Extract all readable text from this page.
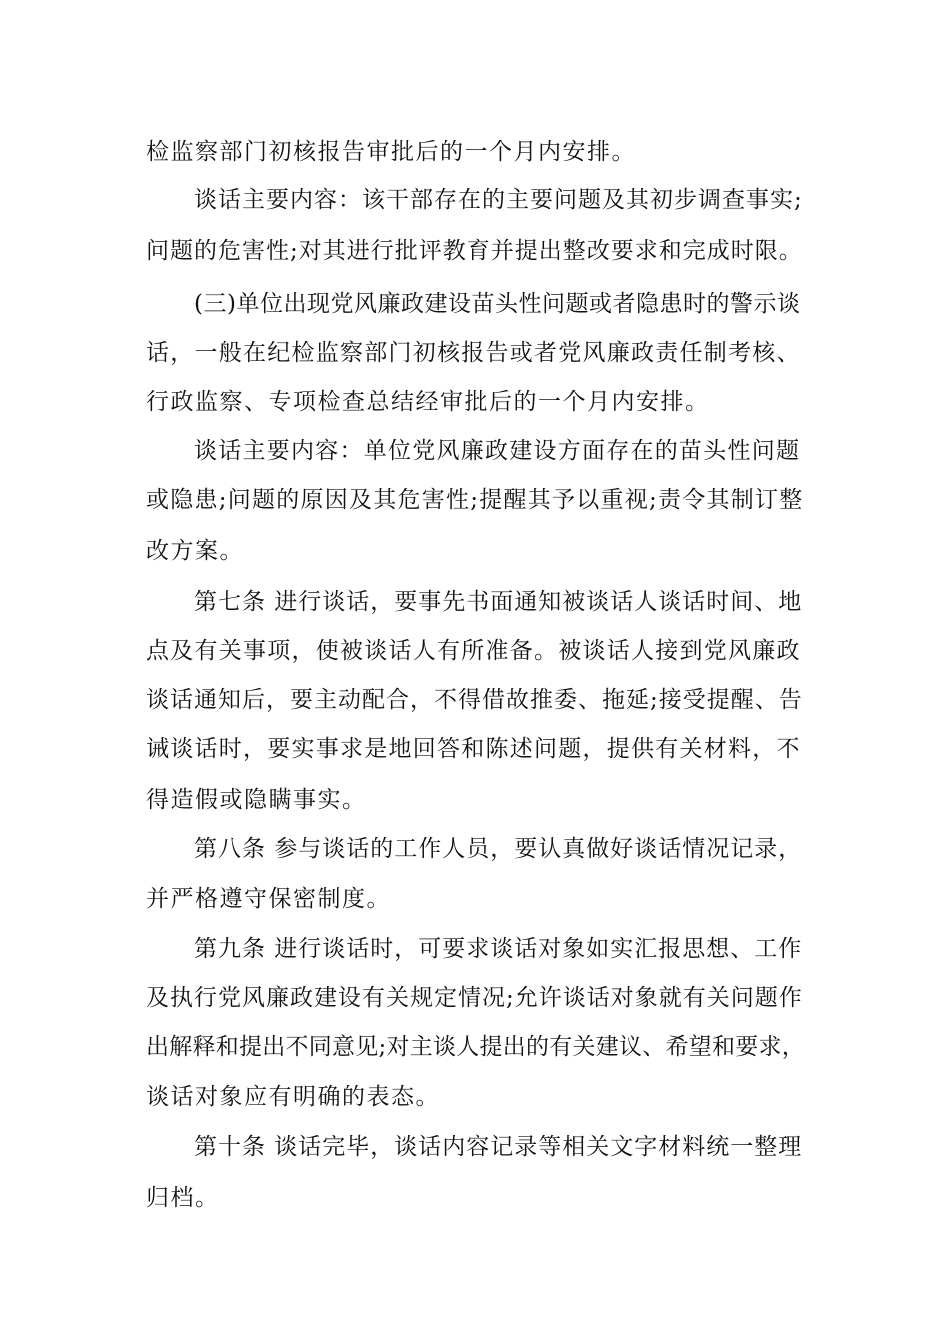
检监察部门初核报告审批后的一个月内安排。

谈话主要内容：该干部存在的主要问题及其初步调查事实;

问题的危害性;对其进行批评教育并提出整改要求和完成时限。

(三)单位出现党风廉政建设苗头性问题或者隐患时的警示谈

话，一般在纪检监察部门初核报告或者党风廉政责任制考核、

行政监察、专项检查总结经审批后的一个月内安排。

谈话主要内容：单位党风廉政建设方面存在的苗头性问题

或隐患;问题的原因及其危害性;提醒其予以重视;责令其制订整

改方案。

第七条 进行谈话，要事先书面通知被谈话人谈话时间、地

点及有关事项，使被谈话人有所准备。被谈话人接到党风廉政

谈话通知后，要主动配合，不得借故推委、拖延;接受提醒、告

诫谈话时，要实事求是地回答和陈述问题，提供有关材料，不

得造假或隐瞒事实。

第八条 参与谈话的工作人员，要认真做好谈话情况记录，

并严格遵守保密制度。

第九条 进行谈话时，可要求谈话对象如实汇报思想、工作

及执行党风廉政建设有关规定情况;允许谈话对象就有关问题作

出解释和提出不同意见;对主谈人提出的有关建议、希望和要求，

谈话对象应有明确的表态。

第十条 谈话完毕，谈话内容记录等相关文字材料统一整理

归档。
